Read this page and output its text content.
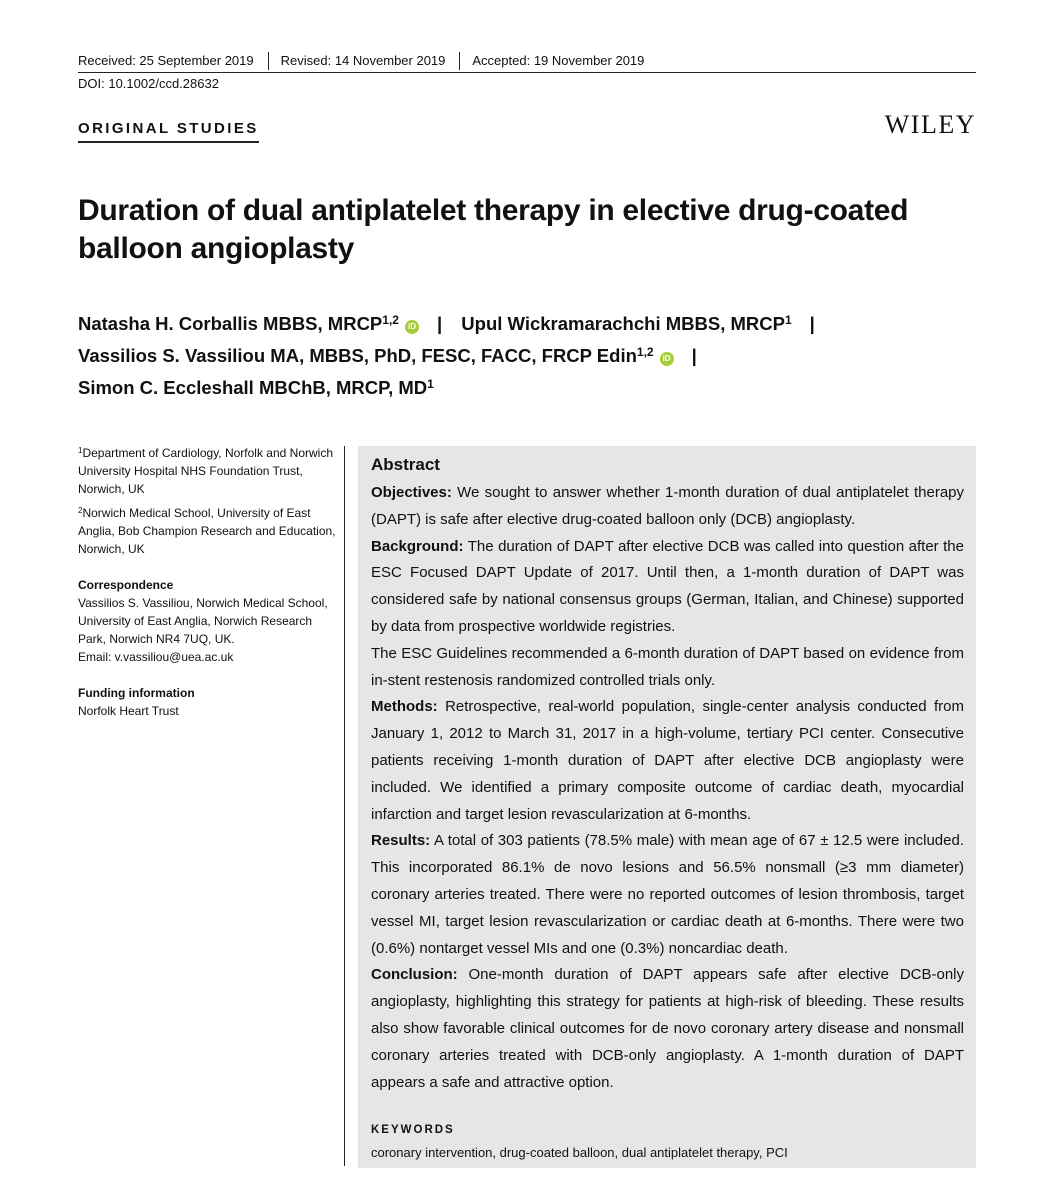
Received: 25 September 2019	Revised: 14 November 2019	Accepted: 19 November 2019
DOI: 10.1002/ccd.28632
ORIGINAL STUDIES	WILEY
Duration of dual antiplatelet therapy in elective drug-coated balloon angioplasty
Natasha H. Corballis MBBS, MRCP$^{1,2}$ iD | Upul Wickramarachchi MBBS, MRCP$^1$ |
Vassilios S. Vassiliou MA, MBBS, PhD, FESC, FACC, FRCP Edin$^{1,2}$ iD |
Simon C. Eccleshall MBChB, MRCP, $MD^1$

$^1$Department of Cardiology, Norfolk and Norwich University Hospital NHS Foundation Trust, Norwich, UK

$^2$Norwich Medical School, University of East Anglia, Bob Champion Research and Education, Norwich, UK

Correspondence

Vassilios S. Vassiliou, Norwich Medical School, University of East Anglia, Norwich Research Park, Norwich NR4 7UQ, UK.
Email: v.vassiliou@uea.ac.uk

Funding information

Norfolk Heart Trust

Abstract

Objectives: We sought to answer whether 1-month duration of dual antiplatelet therapy (DAPT) is safe after elective drug-coated balloon only (DCB) angioplasty.

Background: The duration of DAPT after elective DCB was called into question after the ESC Focused DAPT Update of 2017. Until then, a 1-month duration of DAPT was considered safe by national consensus groups (German, Italian, and Chinese) supported by data from prospective worldwide registries.

The ESC Guidelines recommended a 6-month duration of DAPT based on evidence from in-stent restenosis randomized controlled trials only.

Methods: Retrospective, real-world population, single-center analysis conducted from January 1, 2012 to March 31, 2017 in a high-volume, tertiary PCI center. Consecutive patients receiving 1-month duration of DAPT after elective DCB angioplasty were included. We identified a primary composite outcome of cardiac death, myocardial infarction and target lesion revascularization at 6-months.

Results: A total of 303 patients (78.5% male) with mean age of 67 ± 12.5 were included. This incorporated 86.1% de novo lesions and 56.5% nonsmall (≥3 mm diameter) coronary arteries treated. There were no reported outcomes of lesion thrombosis, target vessel MI, target lesion revascularization or cardiac death at 6-months. There were two (0.6%) nontarget vessel MIs and one (0.3%) noncardiac death.

Conclusion: One-month duration of DAPT appears safe after elective DCB-only angioplasty, highlighting this strategy for patients at high-risk of bleeding. These results also show favorable clinical outcomes for de novo coronary artery disease and nonsmall coronary arteries treated with DCB-only angioplasty. A 1-month duration of DAPT appears a safe and attractive option.

KEYWORDS
coronary intervention, drug-coated balloon, dual antiplatelet therapy, PCI
